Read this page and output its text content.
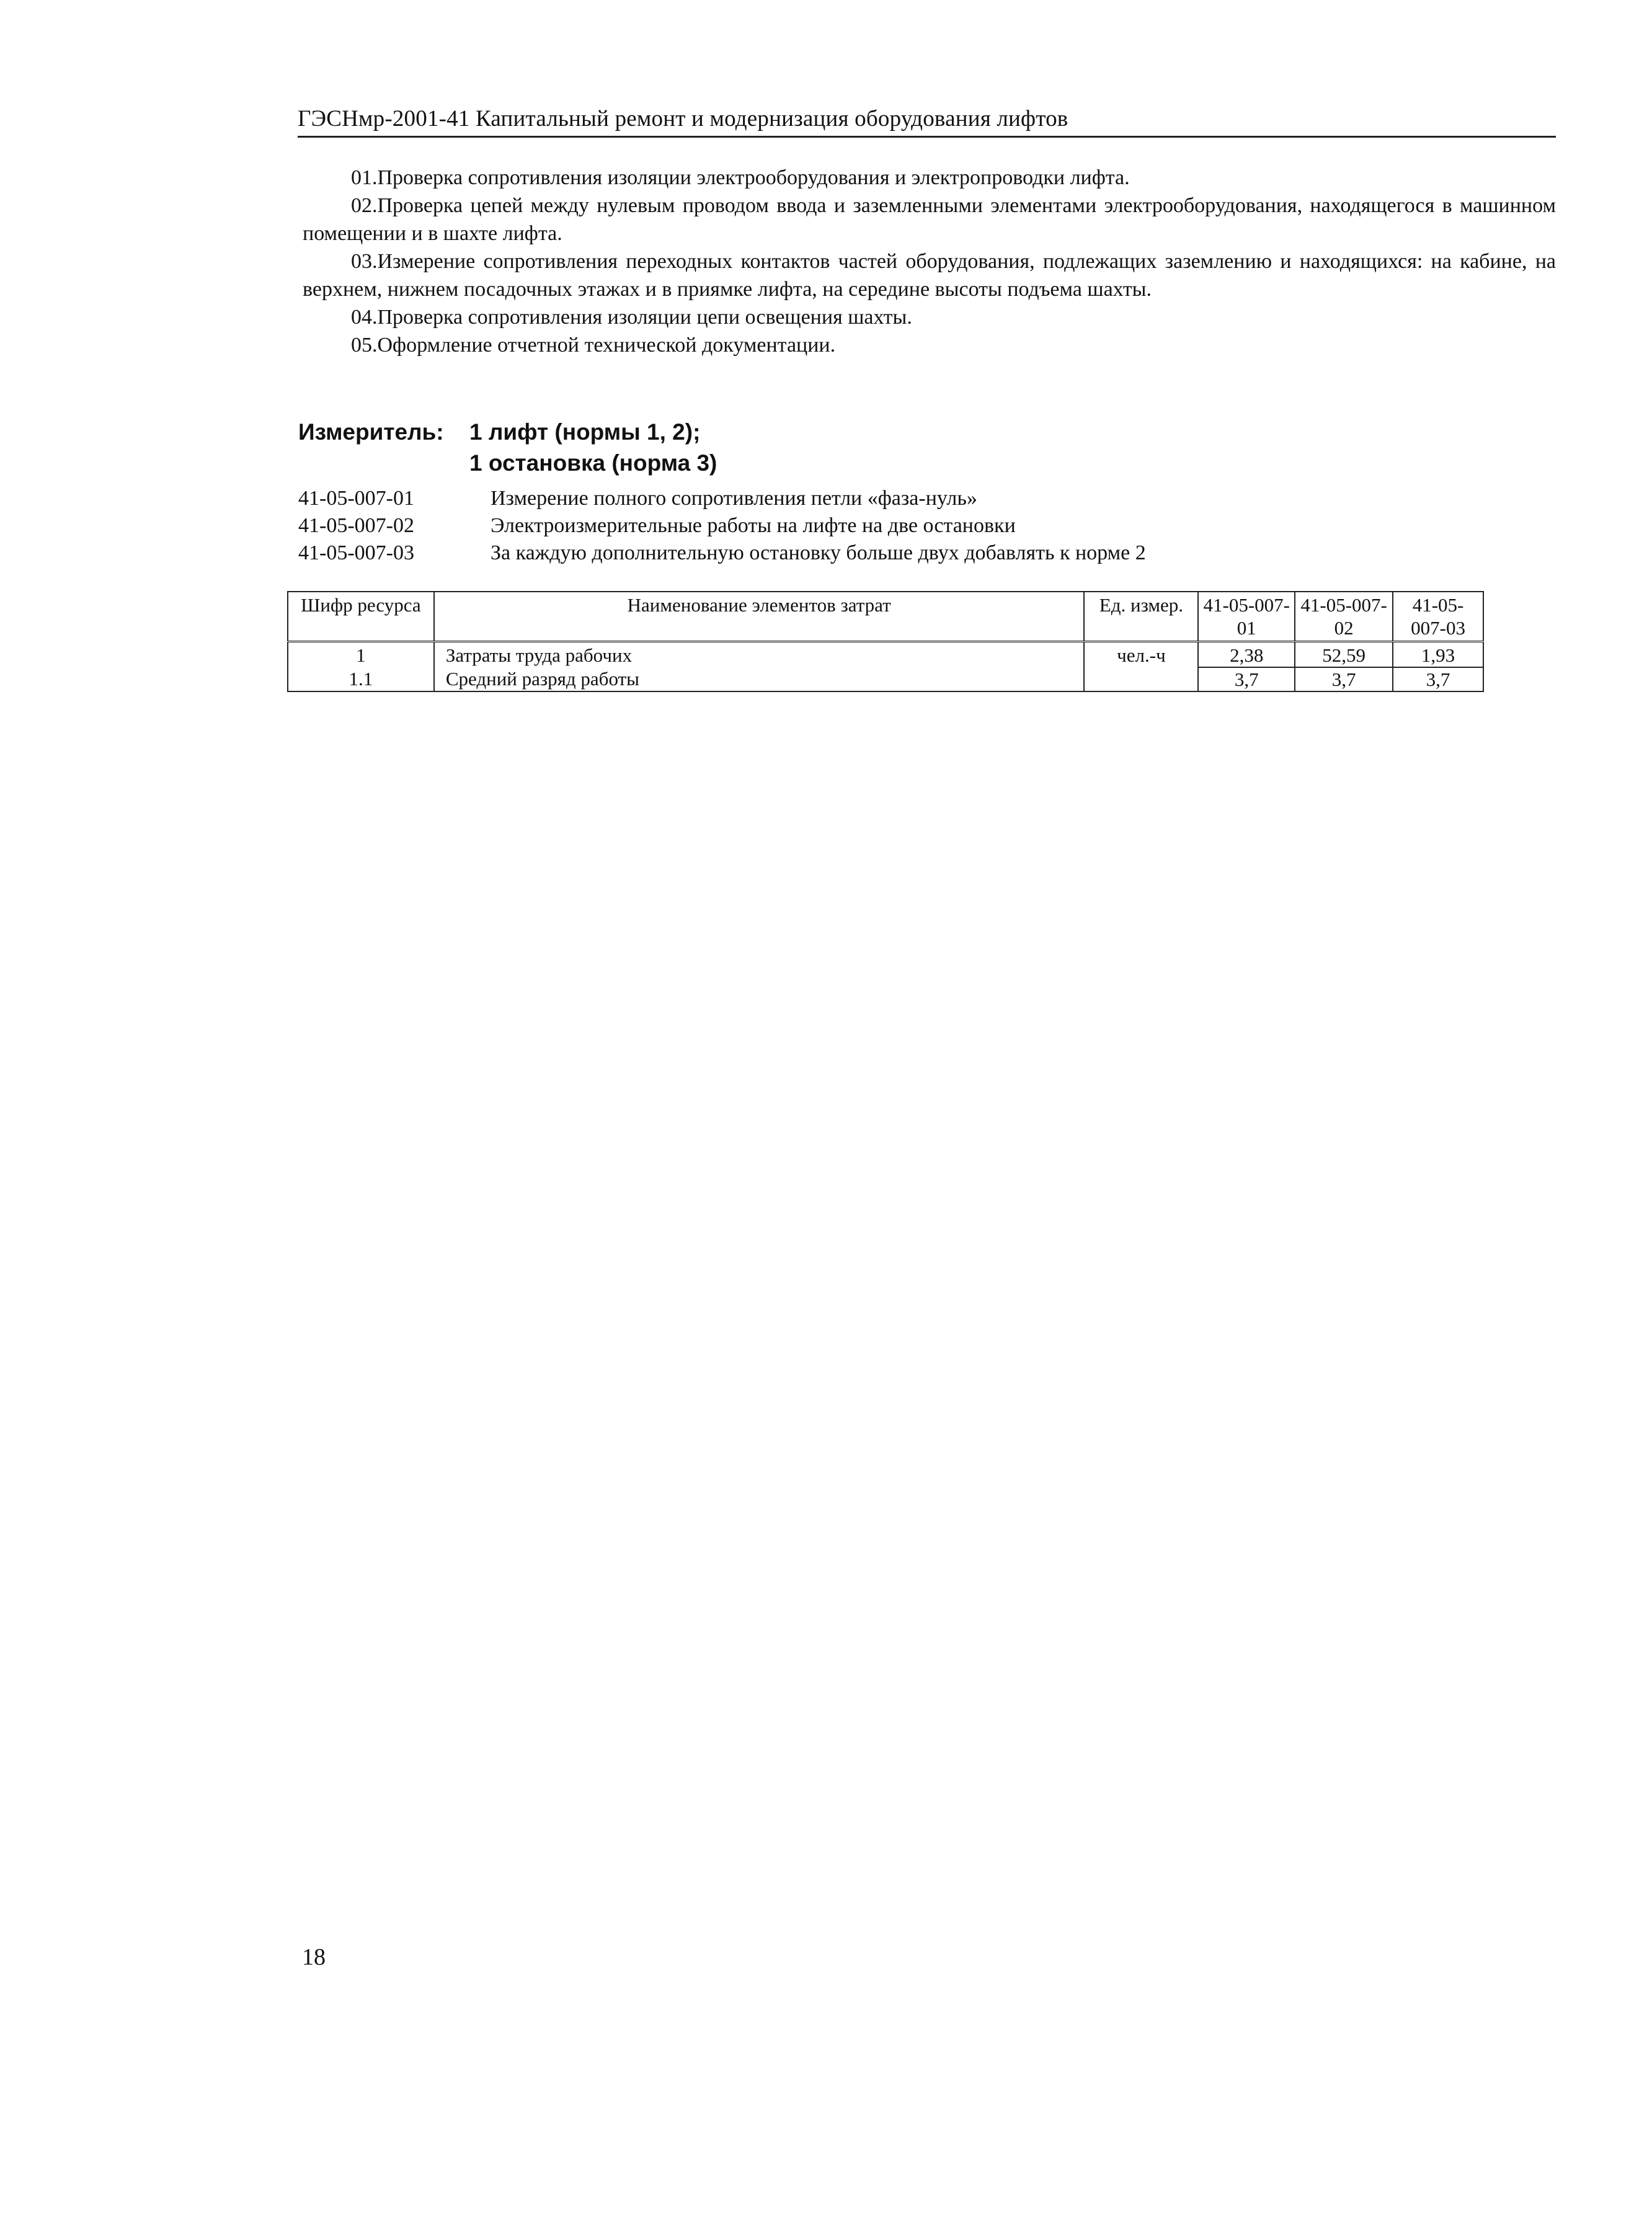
ГЭСНмр-2001-41 Капитальный ремонт и модернизация оборудования лифтов

01.Проверка сопротивления изоляции электрооборудования и электропроводки лифта.

02.Проверка цепей между нулевым проводом ввода и заземленными элементами электрооборудования, находящегося в машинном помещении и в шахте лифта.

03.Измерение сопротивления переходных контактов частей оборудования, подлежащих заземлению и находящихся: на кабине, на верхнем, нижнем посадочных этажах и в приямке лифта, на середине высоты подъема шахты.

04.Проверка сопротивления изоляции цепи освещения шахты.

05.Оформление отчетной технической документации.

Измеритель: 1 лифт (нормы 1, 2);
1 остановка (норма 3)
41-05-007-01	Измерение полного сопротивления петли «фаза-нуль»
41-05-007-02	Электроизмерительные работы на лифте на две остановки
41-05-007-03	За каждую дополнительную остановку больше двух добавлять к норме 2
Шифр ресурса	Наименование элементов затрат	Ед. измер.	41-05-007-01	41-05-007-02	41-05-007-03
1	Затраты труда рабочих	чел.-ч	2,38	52,59	1,93
1.1	Средний разряд работы		3,7	3,7	3,7
18
